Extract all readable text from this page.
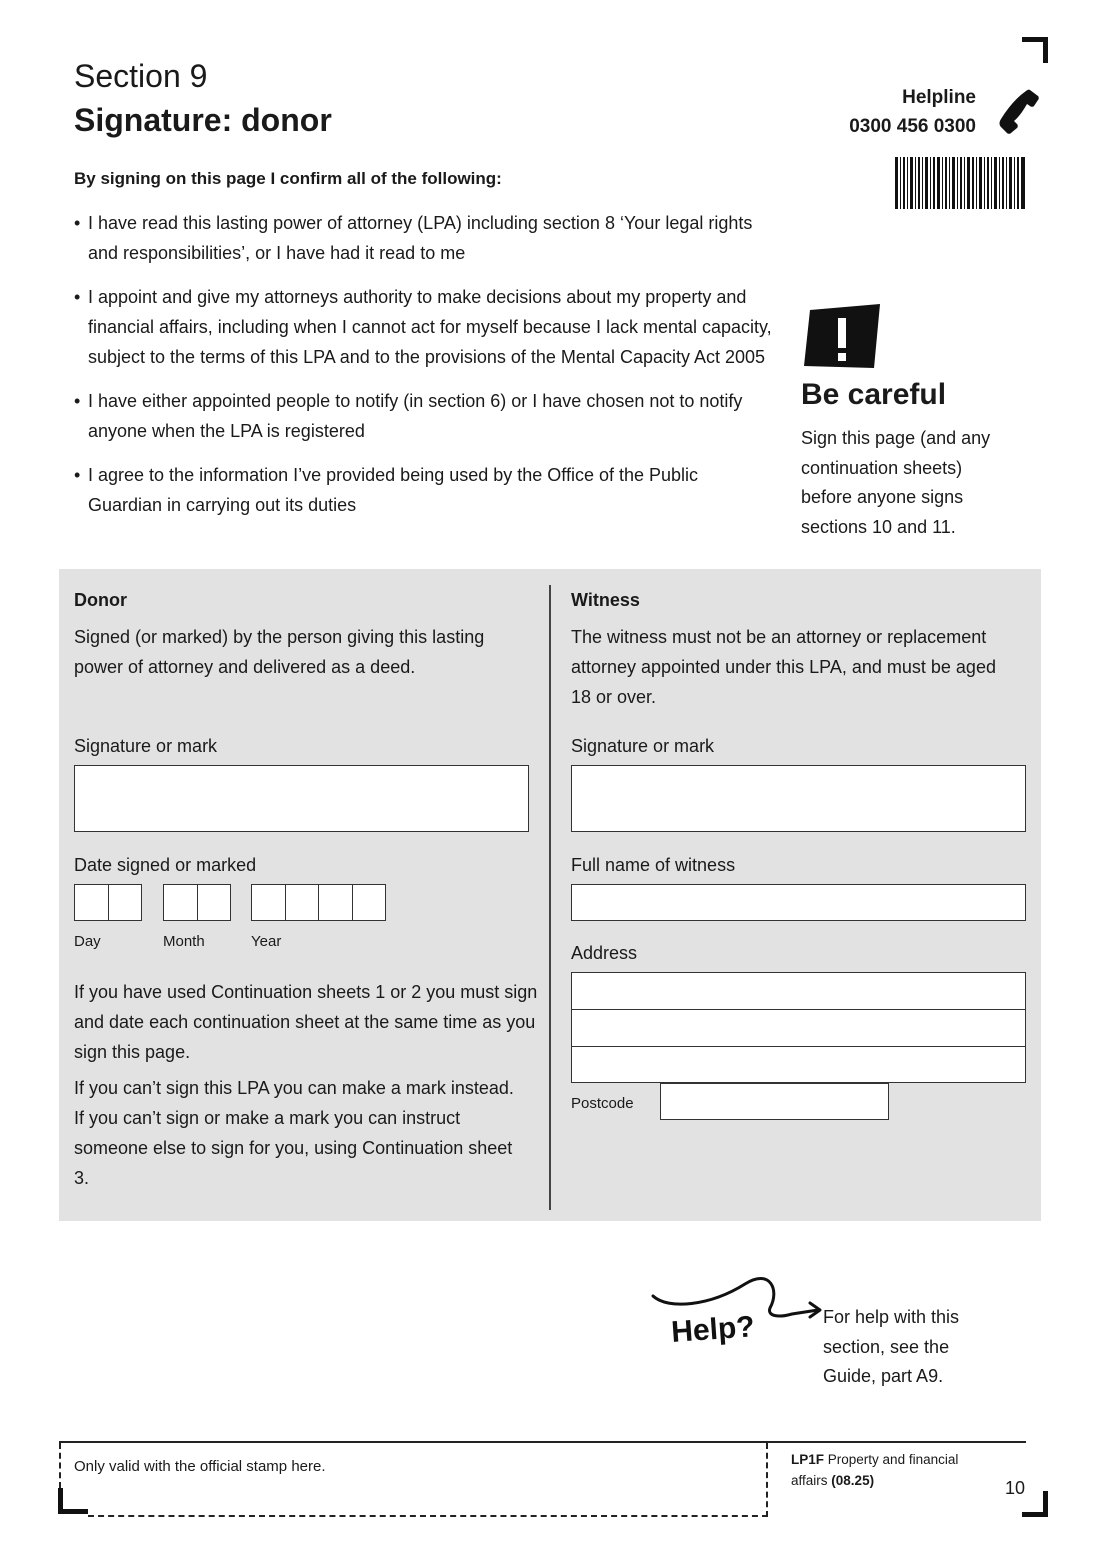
Section 9
Signature: donor
Helpline
0300 456 0300
By signing on this page I confirm all of the following:
• I have read this lasting power of attorney (LPA) including section 8 ‘Your legal rights and responsibilities’, or I have had it read to me
• I appoint and give my attorneys authority to make decisions about my property and financial affairs, including when I cannot act for myself because I lack mental capacity, subject to the terms of this LPA and to the provisions of the Mental Capacity Act 2005
• I have either appointed people to notify (in section 6) or I have chosen not to notify anyone when the LPA is registered
• I agree to the information I’ve provided being used by the Office of the Public Guardian in carrying out its duties
Be careful
Sign this page (and any continuation sheets) before anyone signs sections 10 and 11.
Donor
Signed (or marked) by the person giving this lasting power of attorney and delivered as a deed.
Signature or mark
Date signed or marked
Day	Month	Year
If you have used Continuation sheets 1 or 2 you must sign and date each continuation sheet at the same time as you sign this page.
If you can’t sign this LPA you can make a mark instead. If you can’t sign or make a mark you can instruct someone else to sign for you, using Continuation sheet 3.
Witness
The witness must not be an attorney or replacement attorney appointed under this LPA, and must be aged 18 or over.
Signature or mark
Full name of witness
Address
Postcode
Help?	For help with this section, see the Guide, part A9.
Only valid with the official stamp here.	LP1F Property and financial affairs (08.25)	10
